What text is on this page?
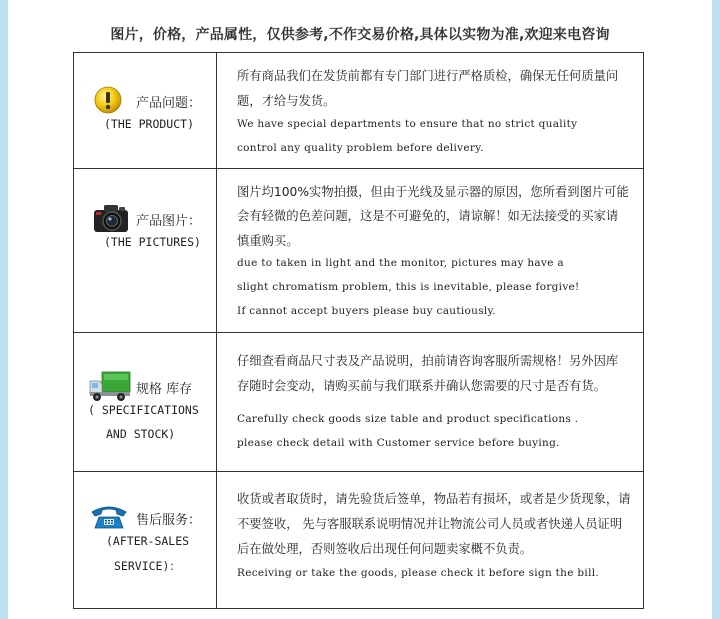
图片，价格，产品属性，仅供参考,不作交易价格,具体以实物为准,欢迎来电咨询
产品问题：
(THE PRODUCT)
所有商品我们在发货前都有专门部门进行严格质检，确保无任何质量问
题，才给与发货。
We have special departments to ensure that no strict quality
control any quality problem before delivery.
产品图片：
(THE PICTURES)
图片均100%实物拍摄，但由于光线及显示器的原因，您所看到图片可能
会有轻微的色差问题，这是不可避免的，请谅解！如无法接受的买家请
慎重购买。
due to taken in light and the monitor, pictures may have a
slight chromatism problem, this is inevitable, please forgive!
If cannot accept buyers please buy cautiously.
规格 库存
( SPECIFICATIONS
AND STOCK)
仔细查看商品尺寸表及产品说明，拍前请咨询客服所需规格！另外因库
存随时会变动，请购买前与我们联系并确认您需要的尺寸是否有货。
Carefully check goods size table and product specifications .
please check detail with Customer service before buying.
售后服务：
(AFTER-SALES
SERVICE)：
收货或者取货时，请先验货后签单，物品若有损坏，或者是少货现象，请
不要签收， 先与客服联系说明情况并让物流公司人员或者快递人员证明
后在做处理，否则签收后出现任何问题卖家概不负责。
Receiving or take the goods, please check it before sign the bill.
